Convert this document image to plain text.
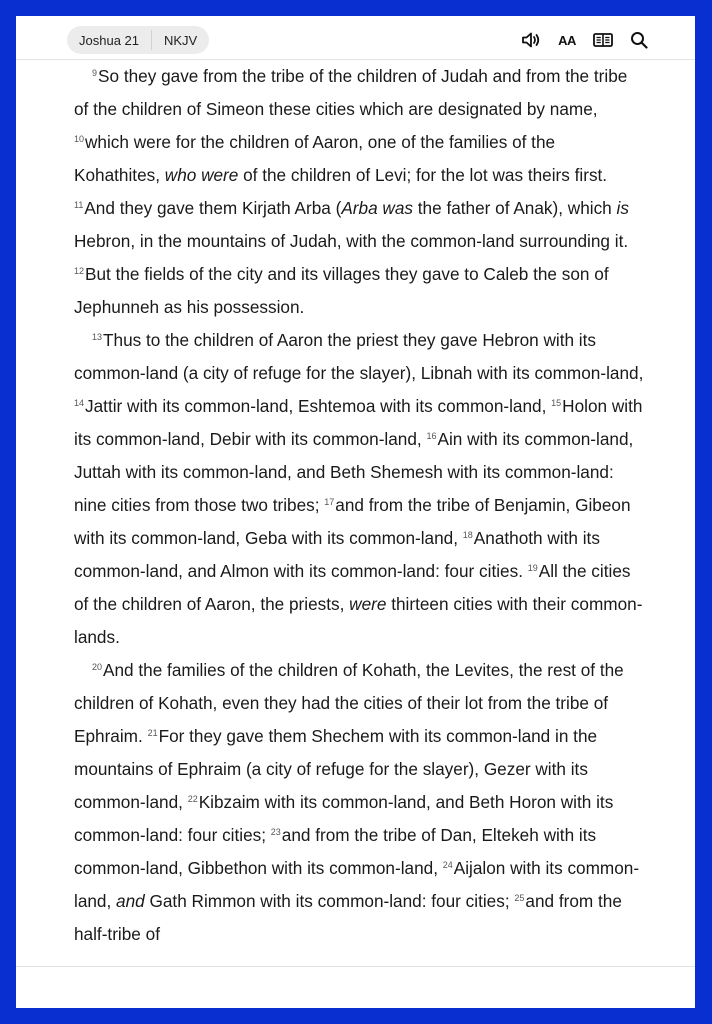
Joshua 21	NKJV	AA

$^9$So they gave from the tribe of the children of Judah and from the tribe of the children of Simeon these cities which are designated by name, $^{10}$which were for the children of Aaron, one of the families of the Kohathites, who were of the children of Levi; for the lot was theirs first. $^{11}$And they gave them Kirjath Arba (Arba was the father of Anak), which is Hebron, in the mountains of Judah, with the common-land surrounding it. $^{12}$But the fields of the city and its villages they gave to Caleb the son of Jephunneh as his possession.

$^{13}$Thus to the children of Aaron the priest they gave Hebron with its common-land (a city of refuge for the slayer), Libnah with its common-land, $^{14}$Jattir with its common-land, Eshtemoa with its common-land, $^{15}$Holon with its common-land, Debir with its common-land, $^{16}$Ain with its common-land, Juttah with its common-land, and Beth Shemesh with its common-land: nine cities from those two tribes; $^{17}$and from the tribe of Benjamin, Gibeon with its common-land, Geba with its common-land, $^{18}$Anathoth with its common-land, and Almon with its common-land: four cities. $^{19}$All the cities of the children of Aaron, the priests, were thirteen cities with their common-lands.

$^{20}$And the families of the children of Kohath, the Levites, the rest of the children of Kohath, even they had the cities of their lot from the tribe of Ephraim. $^{21}$For they gave them Shechem with its common-land in the mountains of Ephraim (a city of refuge for the slayer), Gezer with its common-land, $^{22}$Kibzaim with its common-land, and Beth Horon with its common-land: four cities; $^{23}$and from the tribe of Dan, Eltekeh with its common-land, Gibbethon with its common-land, $^{24}$Aijalon with its common-land, and Gath Rimmon with its common-land: four cities; $^{25}$and from the half-tribe of
